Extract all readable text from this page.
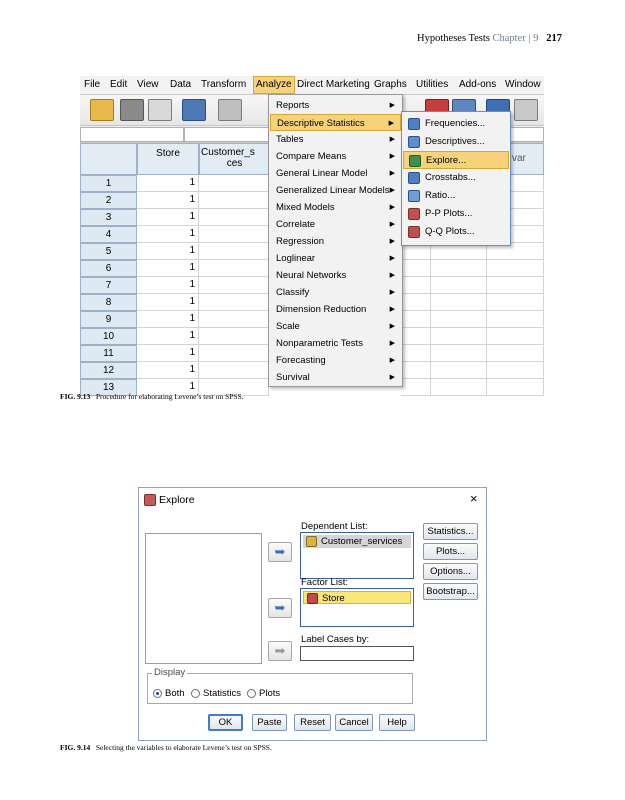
Hypotheses Tests Chapter | 9 217
File Edit View Data Transform Analyze Direct Marketing Graphs Utilities Add-ons Window
Store	Customer_s
ces	var
1	1
2	1
3	1
4	1
5	1
6	1
7	1
8	1
9	1
10	1
11	1
12	1
13	1
Reports	▶
Descriptive Statistics	▶
Tables	▶
Compare Means	▶
General Linear Model	▶
Generalized Linear Models ▶
Mixed Models	▶
Correlate	▶
Regression	▶
Loglinear	▶
Neural Networks	▶
Classify	▶
Dimension Reduction	▶
Scale	▶
Nonparametric Tests	▶
Forecasting	▶
Survival	▶
Frequencies...
Descriptives...
Explore...
Crosstabs...
Ratio...
P-P Plots...
Q-Q Plots...
FIG. 9.13 Procedure for elaborating Levene’s test on SPSS.
Explore	×
➥
➥
➡
Dependent List:
Customer_services
Factor List:
Store
Label Cases by:
Statistics...
Plots...
Options...
Bootstrap...
Display
Both Statistics Plots
OK	Paste	Reset	Cancel	Help
FIG. 9.14 Selecting the variables to elaborate Levene’s test on SPSS.
